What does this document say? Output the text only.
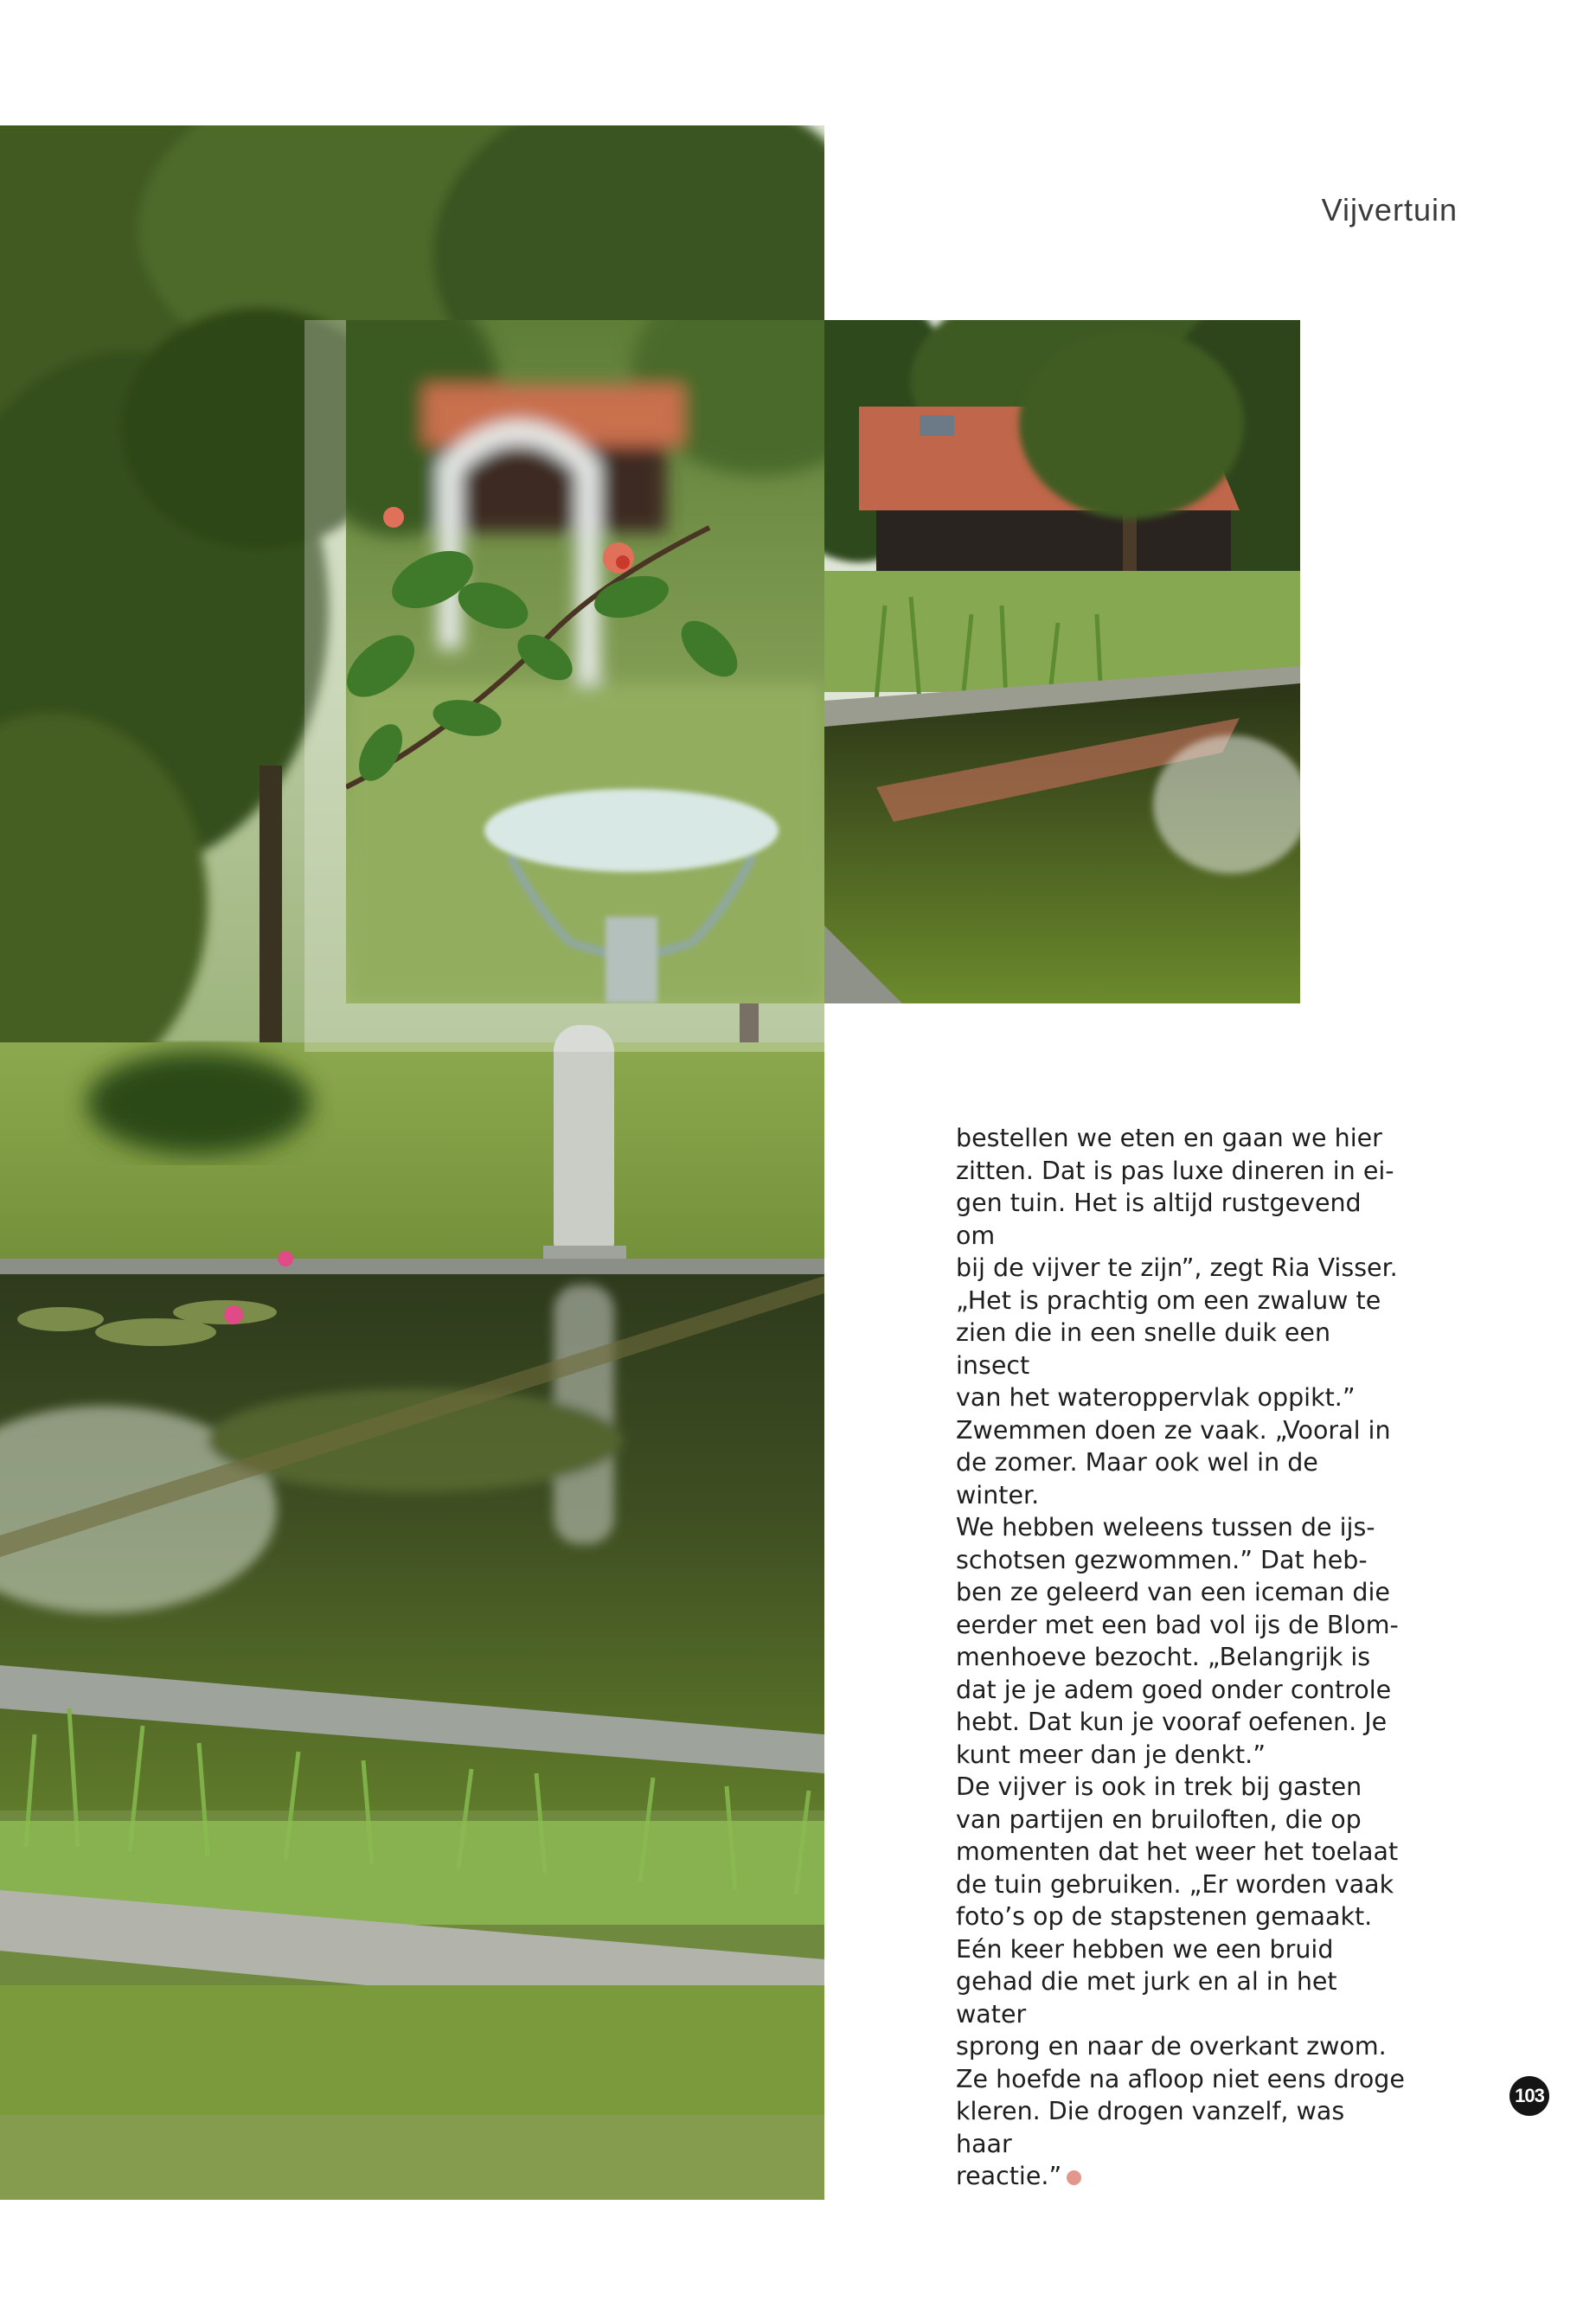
Vijvertuin

bestellen we eten en gaan we hier
zitten. Dat is pas luxe dineren in ei-
gen tuin. Het is altijd rustgevend om
bij de vijver te zijn”, zegt Ria Visser.
„Het is prachtig om een zwaluw te
zien die in een snelle duik een insect
van het wateroppervlak oppikt.”
Zwemmen doen ze vaak. „Vooral in
de zomer. Maar ook wel in de winter.
We hebben weleens tussen de ijs-
schotsen gezwommen.” Dat heb-
ben ze geleerd van een iceman die
eerder met een bad vol ijs de Blom-
menhoeve bezocht. „Belangrijk is
dat je je adem goed onder controle
hebt. Dat kun je vooraf oefenen. Je
kunt meer dan je denkt.”

De vijver is ook in trek bij gasten
van partijen en bruiloften, die op
momenten dat het weer het toelaat
de tuin gebruiken. „Er worden vaak
foto’s op de stapstenen gemaakt.
Eén keer hebben we een bruid
gehad die met jurk en al in het water
sprong en naar de overkant zwom.
Ze hoefde na afloop niet eens droge
kleren. Die drogen vanzelf, was haar
reactie.”

103
